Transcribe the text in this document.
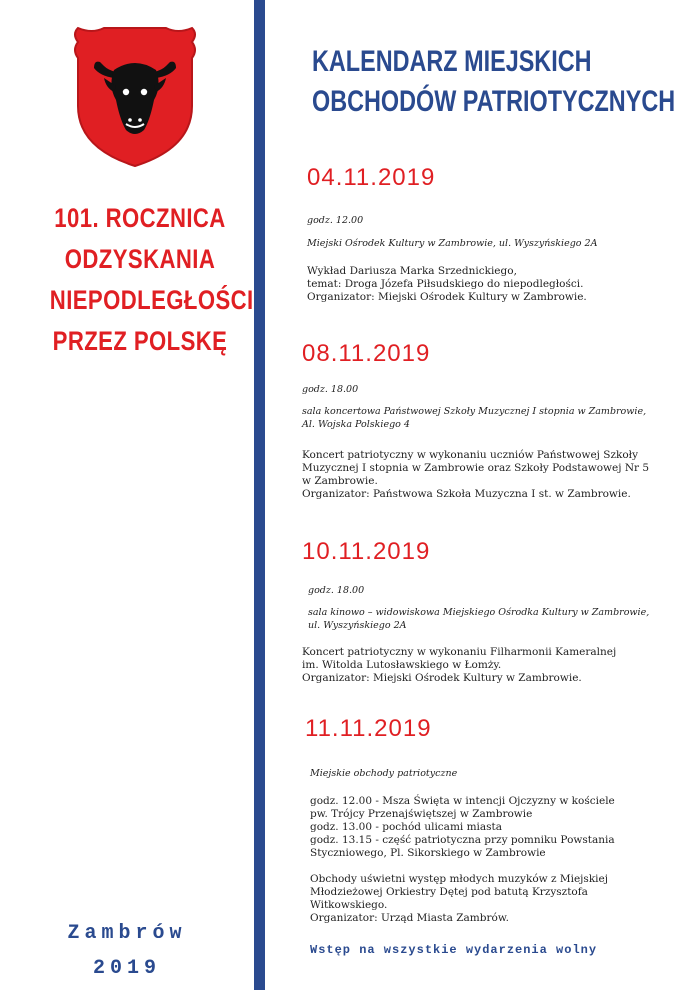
101. ROCZNICA
ODZYSKANIA
NIEPODLEGŁOŚCI
PRZEZ POLSKĘ
Zambrów
2019
KALENDARZ MIEJSKICH
OBCHODÓW PATRIOTYCZNYCH
04.11.2019
godz. 12.00
Miejski Ośrodek Kultury w Zambrowie, ul. Wyszyńskiego 2A
Wykład Dariusza Marka Srzednickiego,
temat: Droga Józefa Piłsudskiego do niepodległości.
Organizator: Miejski Ośrodek Kultury w Zambrowie.
08.11.2019
godz. 18.00
sala koncertowa Państwowej Szkoły Muzycznej I stopnia w Zambrowie,
Al. Wojska Polskiego 4
Koncert patriotyczny w wykonaniu uczniów Państwowej Szkoły
Muzycznej I stopnia w Zambrowie oraz Szkoły Podstawowej Nr 5
w Zambrowie.
Organizator: Państwowa Szkoła Muzyczna I st. w Zambrowie.
10.11.2019
godz. 18.00
sala kinowo – widowiskowa Miejskiego Ośrodka Kultury w Zambrowie,
ul. Wyszyńskiego 2A
Koncert patriotyczny w wykonaniu Filharmonii Kameralnej
im. Witolda Lutosławskiego w Łomży.
Organizator: Miejski Ośrodek Kultury w Zambrowie.
11.11.2019
Miejskie obchody patriotyczne
godz. 12.00 - Msza Święta w intencji Ojczyzny w kościele
pw. Trójcy Przenajświętszej w Zambrowie
godz. 13.00 - pochód ulicami miasta
godz. 13.15 - część patriotyczna przy pomniku Powstania
Styczniowego, Pl. Sikorskiego w Zambrowie
Obchody uświetni występ młodych muzyków z Miejskiej
Młodzieżowej Orkiestry Dętej pod batutą Krzysztofa
Witkowskiego.
Organizator: Urząd Miasta Zambrów.
Wstęp na wszystkie wydarzenia wolny
